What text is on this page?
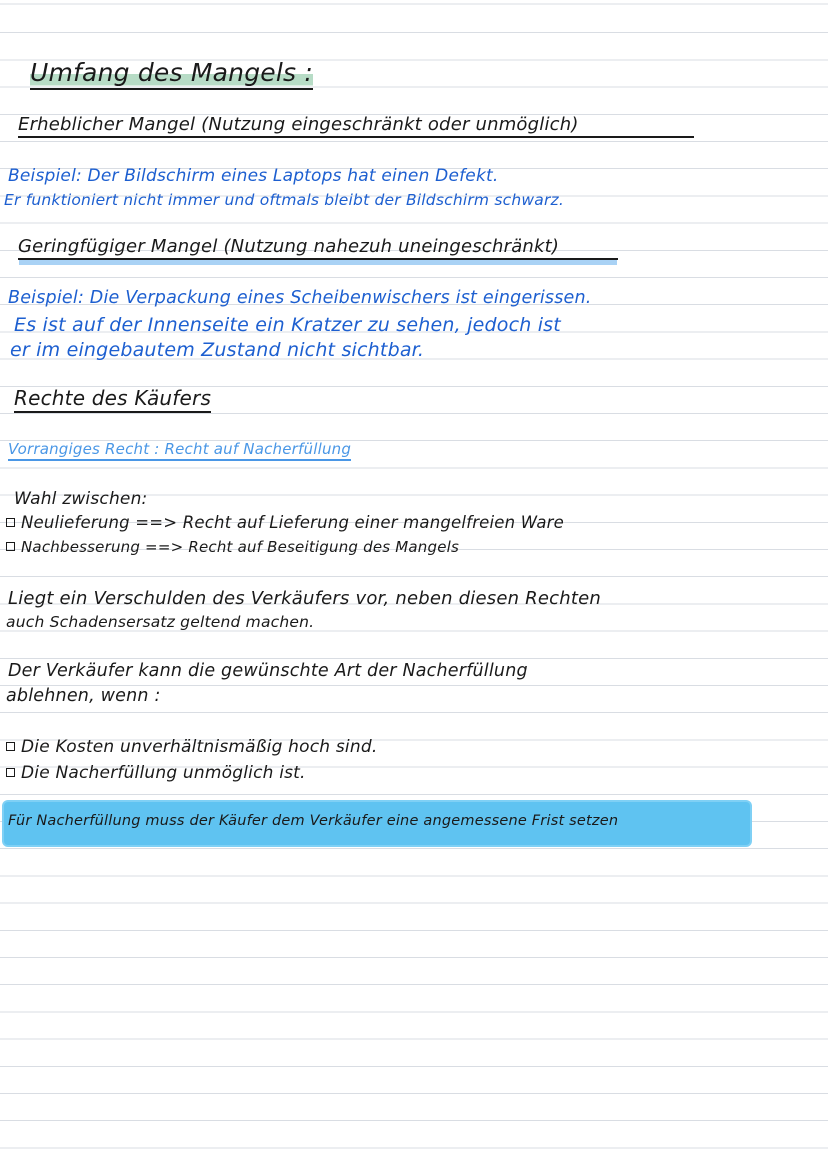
Umfang des Mangels :
Erheblicher Mangel (Nutzung eingeschränkt oder unmöglich)
Beispiel: Der Bildschirm eines Laptops hat einen Defekt.
Er funktioniert nicht immer und oftmals bleibt der Bildschirm schwarz.
Geringfügiger Mangel (Nutzung nahezuh uneingeschränkt)
Beispiel: Die Verpackung eines Scheibenwischers ist eingerissen.
Es ist auf der Innenseite ein Kratzer zu sehen, jedoch ist
er im eingebautem Zustand nicht sichtbar.
Rechte des Käufers
Vorrangiges Recht : Recht auf Nacherfüllung
Wahl zwischen:
Neulieferung ==> Recht auf Lieferung einer mangelfreien Ware
Nachbesserung ==> Recht auf Beseitigung des Mangels
Liegt ein Verschulden des Verkäufers vor, neben diesen Rechten
auch Schadensersatz geltend machen.
Der Verkäufer kann die gewünschte Art der Nacherfüllung
ablehnen, wenn :
Die Kosten unverhältnismäßig hoch sind.
Die Nacherfüllung unmöglich ist.
Für Nacherfüllung muss der Käufer dem Verkäufer eine angemessene Frist setzen
